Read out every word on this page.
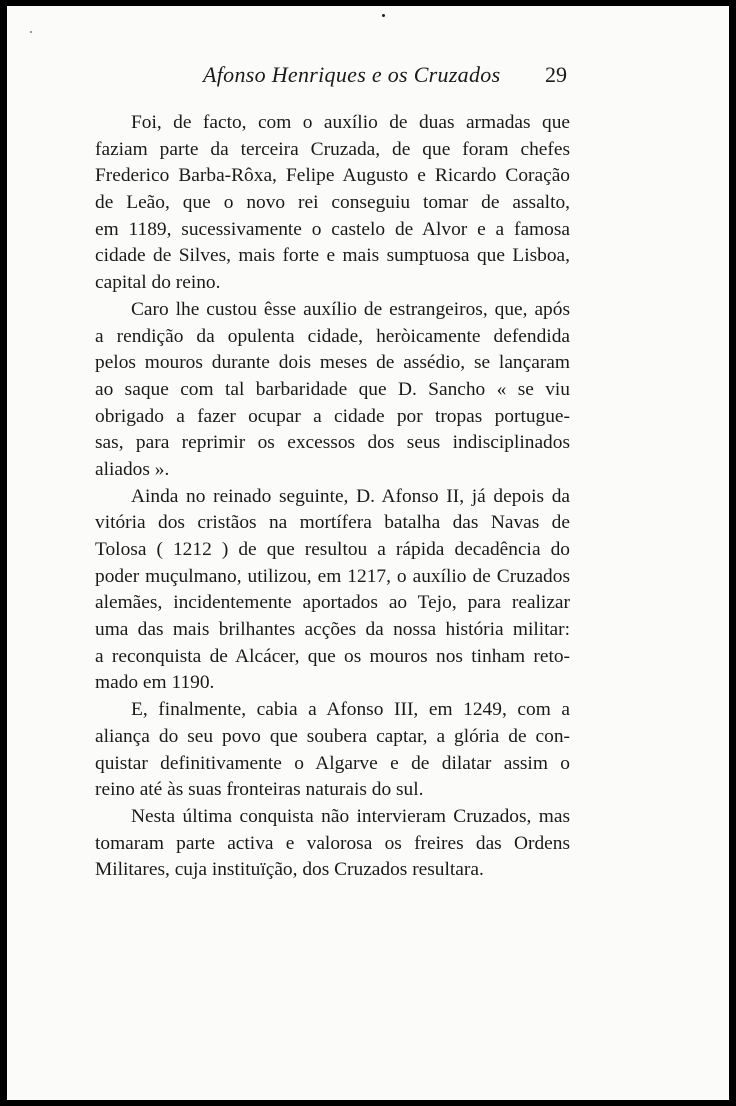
Afonso Henriques e os Cruzados 29

Foi, de facto, com o auxílio de duas armadas que
faziam parte da terceira Cruzada, de que foram chefes
Frederico Barba-Rôxa, Felipe Augusto e Ricardo Coração
de Leão, que o novo rei conseguiu tomar de assalto,
em 1189, sucessivamente o castelo de Alvor e a famosa
cidade de Silves, mais forte e mais sumptuosa que Lisboa,
capital do reino.

Caro lhe custou êsse auxílio de estrangeiros, que, após
a rendição da opulenta cidade, heròicamente defendida
pelos mouros durante dois meses de assédio, se lançaram
ao saque com tal barbaridade que D. Sancho « se viu
obrigado a fazer ocupar a cidade por tropas portugue-
sas, para reprimir os excessos dos seus indisciplinados
aliados ».

Ainda no reinado seguinte, D. Afonso II, já depois da
vitória dos cristãos na mortífera batalha das Navas de
Tolosa ( 1212 ) de que resultou a rápida decadência do
poder muçulmano, utilizou, em 1217, o auxílio de Cruzados
alemães, incidentemente aportados ao Tejo, para realizar
uma das mais brilhantes acções da nossa história militar:
a reconquista de Alcácer, que os mouros nos tinham reto-
mado em 1190.

E, finalmente, cabia a Afonso III, em 1249, com a
aliança do seu povo que soubera captar, a glória de con-
quistar definitivamente o Algarve e de dilatar assim o
reino até às suas fronteiras naturais do sul.

Nesta última conquista não intervieram Cruzados, mas
tomaram parte activa e valorosa os freires das Ordens
Militares, cuja instituïção, dos Cruzados resultara.
